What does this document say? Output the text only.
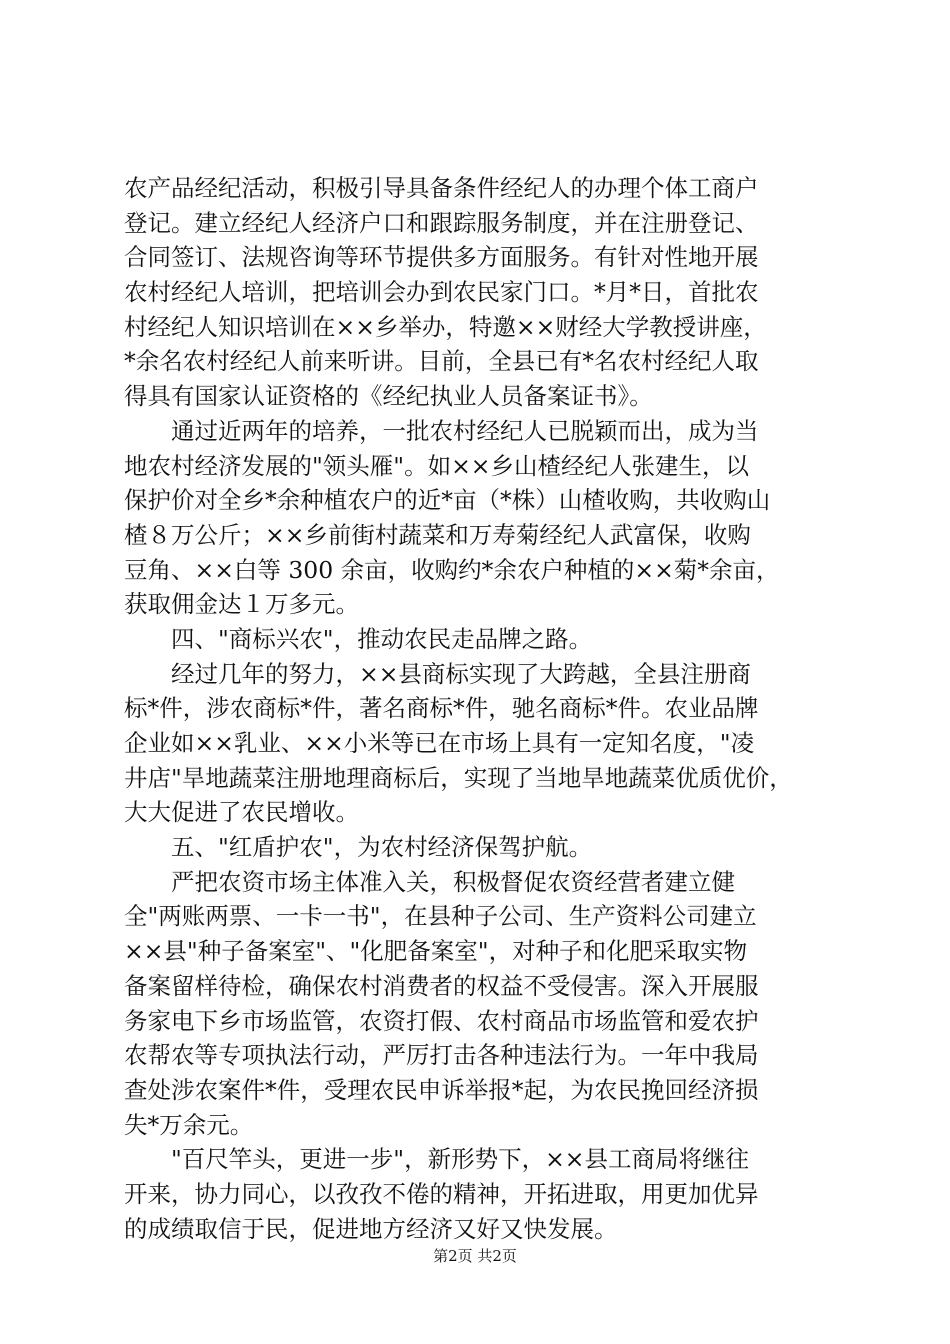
农产品经纪活动，积极引导具备条件经纪人的办理个体工商户
登记。建立经纪人经济户口和跟踪服务制度，并在注册登记、
合同签订、法规咨询等环节提供多方面服务。有针对性地开展
农村经纪人培训，把培训会办到农民家门口。*月*日，首批农
村经纪人知识培训在××乡举办，特邀××财经大学教授讲座，
*余名农村经纪人前来听讲。目前，全县已有*名农村经纪人取
得具有国家认证资格的《经纪执业人员备案证书》。
　　通过近两年的培养，一批农村经纪人已脱颖而出，成为当
地农村经济发展的"领头雁"。如××乡山楂经纪人张建生，以
保护价对全乡*余种植农户的近*亩（*株）山楂收购，共收购山
楂８万公斤；××乡前街村蔬菜和万寿菊经纪人武富保，收购
豆角、××白等 300 余亩，收购约*余农户种植的××菊*余亩，
获取佣金达１万多元。
　　四、"商标兴农"，推动农民走品牌之路。
　　经过几年的努力，××县商标实现了大跨越，全县注册商
标*件，涉农商标*件，著名商标*件，驰名商标*件。农业品牌
企业如××乳业、××小米等已在市场上具有一定知名度，"凌
井店"旱地蔬菜注册地理商标后，实现了当地旱地蔬菜优质优价，
大大促进了农民增收。
　　五、"红盾护农"，为农村经济保驾护航。
　　严把农资市场主体准入关，积极督促农资经营者建立健
全"两账两票、一卡一书"，在县种子公司、生产资料公司建立
××县"种子备案室"、"化肥备案室"，对种子和化肥采取实物
备案留样待检，确保农村消费者的权益不受侵害。深入开展服
务家电下乡市场监管，农资打假、农村商品市场监管和爱农护
农帮农等专项执法行动，严厉打击各种违法行为。一年中我局
查处涉农案件*件，受理农民申诉举报*起，为农民挽回经济损
失*万余元。
　　"百尺竿头，更进一步"，新形势下，××县工商局将继往
开来，协力同心，以孜孜不倦的精神，开拓进取，用更加优异
的成绩取信于民，促进地方经济又好又快发展。
第2页 共2页
